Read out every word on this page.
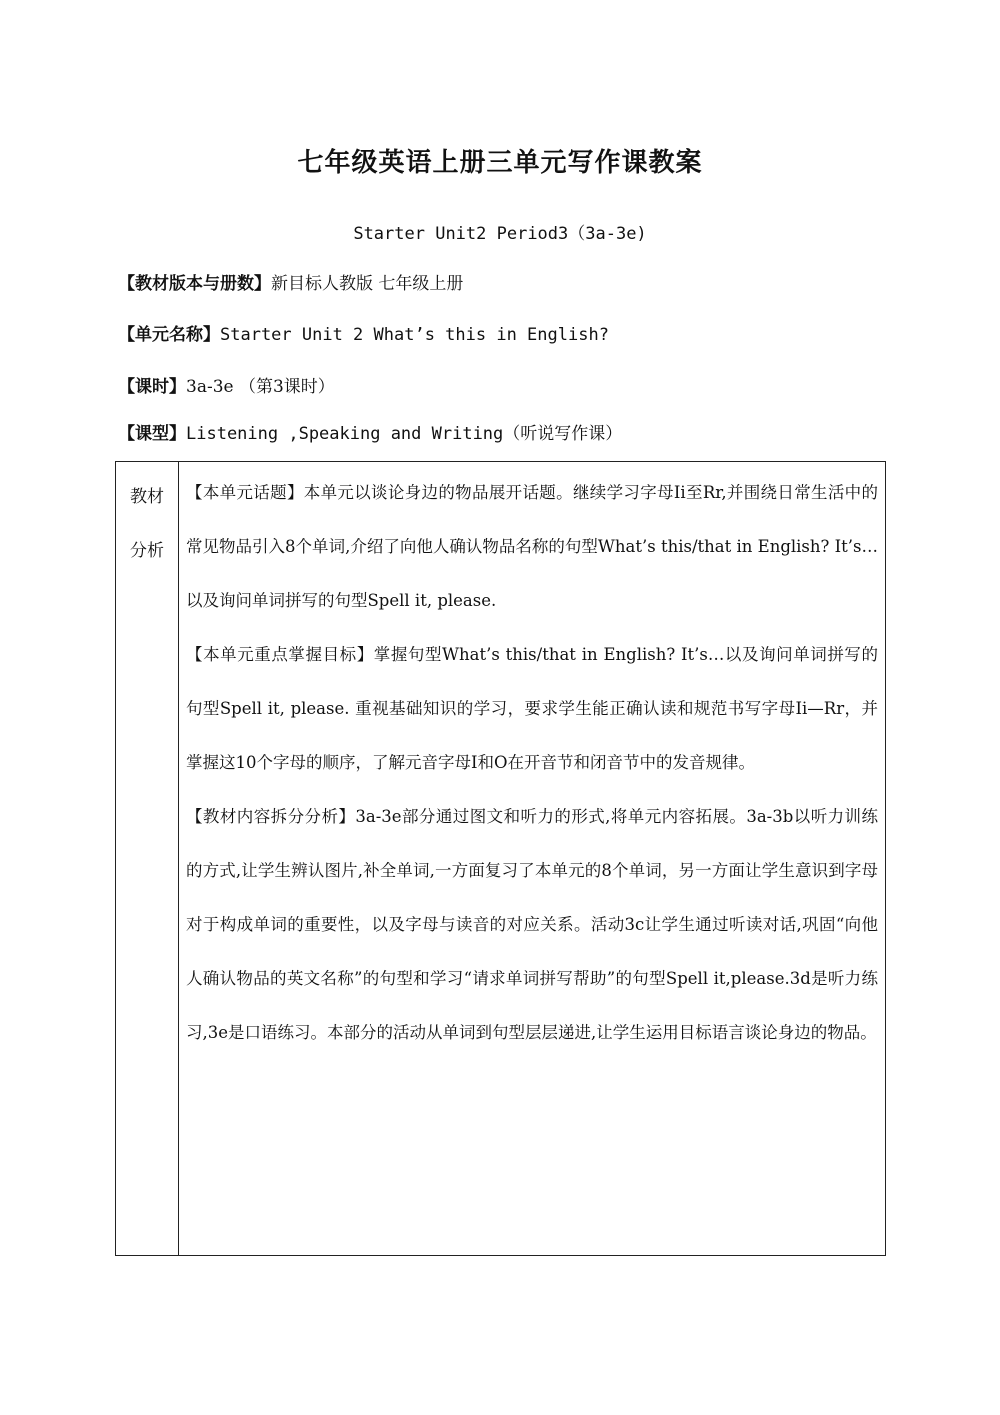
七年级英语上册三单元写作课教案
Starter Unit2 Period3（3a-3e)
【教材版本与册数】新目标人教版 七年级上册
【单元名称】Starter Unit 2 What’s this in English?
【课时】3a-3e （第3课时）
【课型】Listening ,Speaking and Writing（听说写作课）
教材
分析

【本单元话题】本单元以谈论身边的物品展开话题。继续学习字母Ii至Rr,并围绕日常生活中的常见物品引入8个单词,介绍了向他人确认物品名称的句型What’s this/that in English? It’s…以及询问单词拼写的句型Spell it, please.

【本单元重点掌握目标】掌握句型What’s this/that in English? It’s…以及询问单词拼写的句型Spell it, please. 重视基础知识的学习，要求学生能正确认读和规范书写字母Ii—Rr，并掌握这10个字母的顺序，了解元音字母I和O在开音节和闭音节中的发音规律。

【教材内容拆分分析】3a-3e部分通过图文和听力的形式,将单元内容拓展。3a-3b以听力训练的方式,让学生辨认图片,补全单词,一方面复习了本单元的8个单词，另一方面让学生意识到字母对于构成单词的重要性，以及字母与读音的对应关系。活动3c让学生通过听读对话,巩固“向他人确认物品的英文名称”的句型和学习“请求单词拼写帮助”的句型Spell it,please.3d是听力练习,3e是口语练习。本部分的活动从单词到句型层层递进,让学生运用目标语言谈论身边的物品。
